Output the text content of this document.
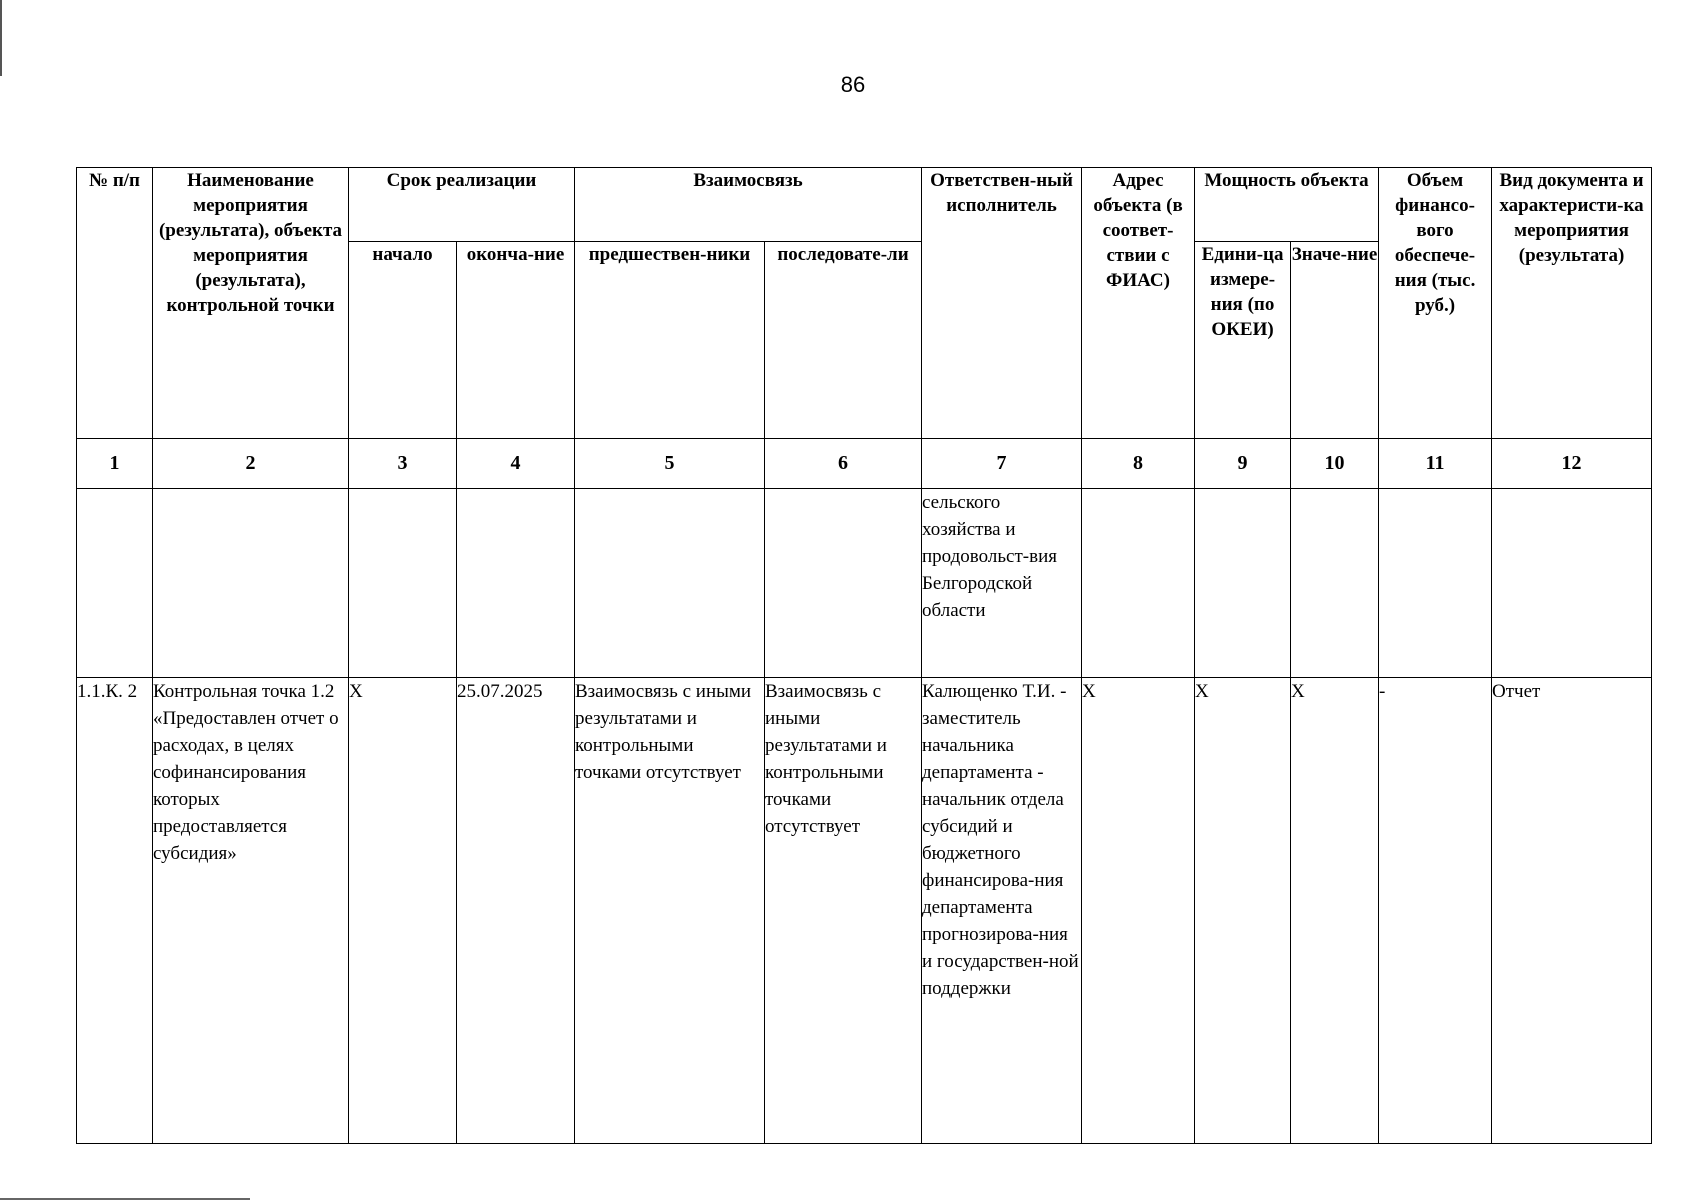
86
№ п/п	Наименование мероприятия (результата), объекта мероприятия (результата), контрольной точки	Срок реализации		Взаимосвязь		Ответствен-ный исполнитель	Адрес объекта (в соответ-ствии с ФИАС)	Мощность объекта		Объем финансо-вого обеспече-ния (тыс. руб.)	Вид документа и характеристи-ка мероприятия (результата)
		начало	оконча-ние	предшествен-ники	последовате-ли			Едини-ца измере-ния (по ОКЕИ)	Значе-ние		
1	2	3	4	5	6	7	8	9	10	11	12
						сельского хозяйства и продовольст-вия Белгородской области					
1.1.К. 2	Контрольная точка 1.2 «Предоставлен отчет о расходах, в целях софинансирования которых предоставляется субсидия»	Х	25.07.2025	Взаимосвязь с иными результатами и контрольными точками отсутствует	Взаимосвязь с иными результатами и контрольными точками отсутствует	Калющенко Т.И. - заместитель начальника департамента - начальник отдела субсидий и бюджетного финансирова-ния департамента прогнозирова-ния и государствен-ной поддержки	Х	Х	Х	-	Отчет
